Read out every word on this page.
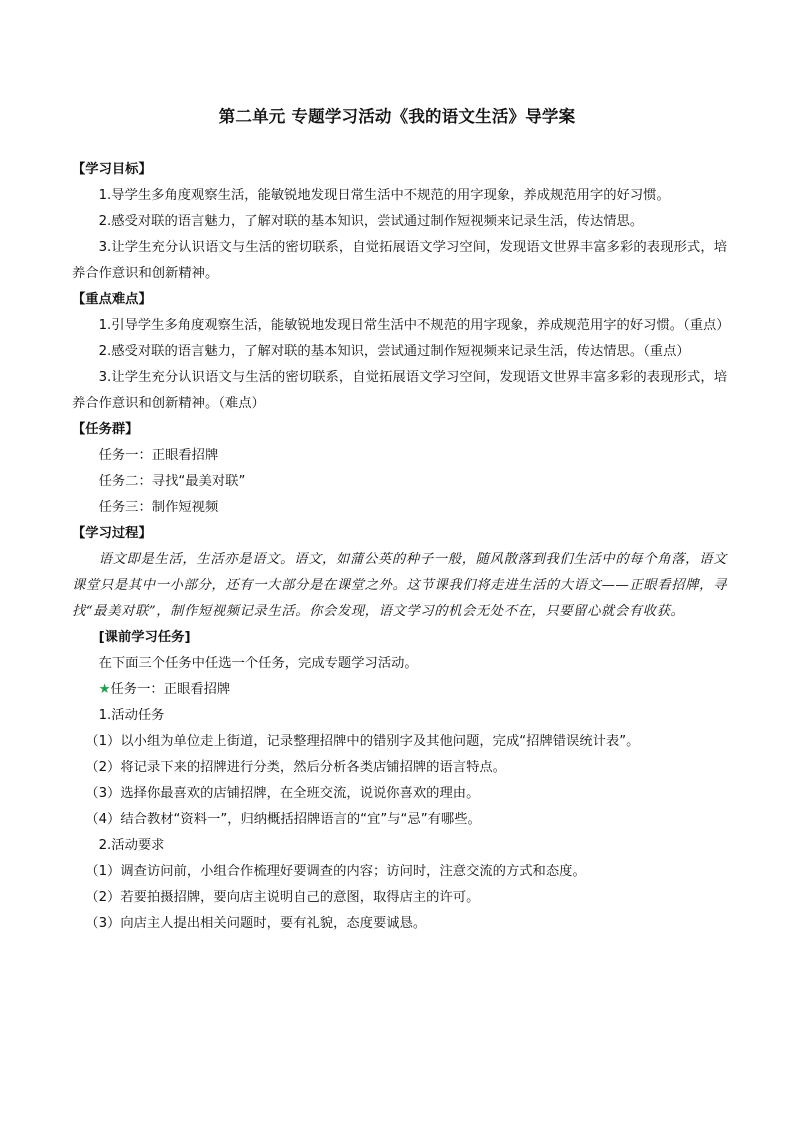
第二单元 专题学习活动《我的语文生活》导学案

【学习目标】

1.导学生多角度观察生活，能敏锐地发现日常生活中不规范的用字现象，养成规范用字的好习惯。

2.感受对联的语言魅力，了解对联的基本知识，尝试通过制作短视频来记录生活，传达情思。

3.让学生充分认识语文与生活的密切联系，自觉拓展语文学习空间，发现语文世界丰富多彩的表现形式，培养合作意识和创新精神。

【重点难点】

1.引导学生多角度观察生活，能敏锐地发现日常生活中不规范的用字现象，养成规范用字的好习惯。（重点）

2.感受对联的语言魅力，了解对联的基本知识，尝试通过制作短视频来记录生活，传达情思。（重点）

3.让学生充分认识语文与生活的密切联系，自觉拓展语文学习空间，发现语文世界丰富多彩的表现形式，培养合作意识和创新精神。（难点）

【任务群】

任务一：正眼看招牌

任务二：寻找“最美对联”

任务三：制作短视频

【学习过程】

语文即是生活，生活亦是语文。语文，如蒲公英的种子一般，随风散落到我们生活中的每个角落，语文课堂只是其中一小部分，还有一大部分是在课堂之外。这节课我们将走进生活的大语文——正眼看招牌，寻找“最美对联”，制作短视频记录生活。你会发现，语文学习的机会无处不在，只要留心就会有收获。

[课前学习任务]

在下面三个任务中任选一个任务，完成专题学习活动。

★任务一：正眼看招牌

1.活动任务

（1）以小组为单位走上街道，记录整理招牌中的错别字及其他问题，完成“招牌错误统计表”。

（2）将记录下来的招牌进行分类，然后分析各类店铺招牌的语言特点。

（3）选择你最喜欢的店铺招牌，在全班交流，说说你喜欢的理由。

（4）结合教材“资料一”，归纳概括招牌语言的“宜”与“忌”有哪些。

2.活动要求

（1）调查访问前，小组合作梳理好要调查的内容；访问时，注意交流的方式和态度。

（2）若要拍摄招牌，要向店主说明自己的意图，取得店主的许可。

（3）向店主人提出相关问题时，要有礼貌，态度要诚恳。
